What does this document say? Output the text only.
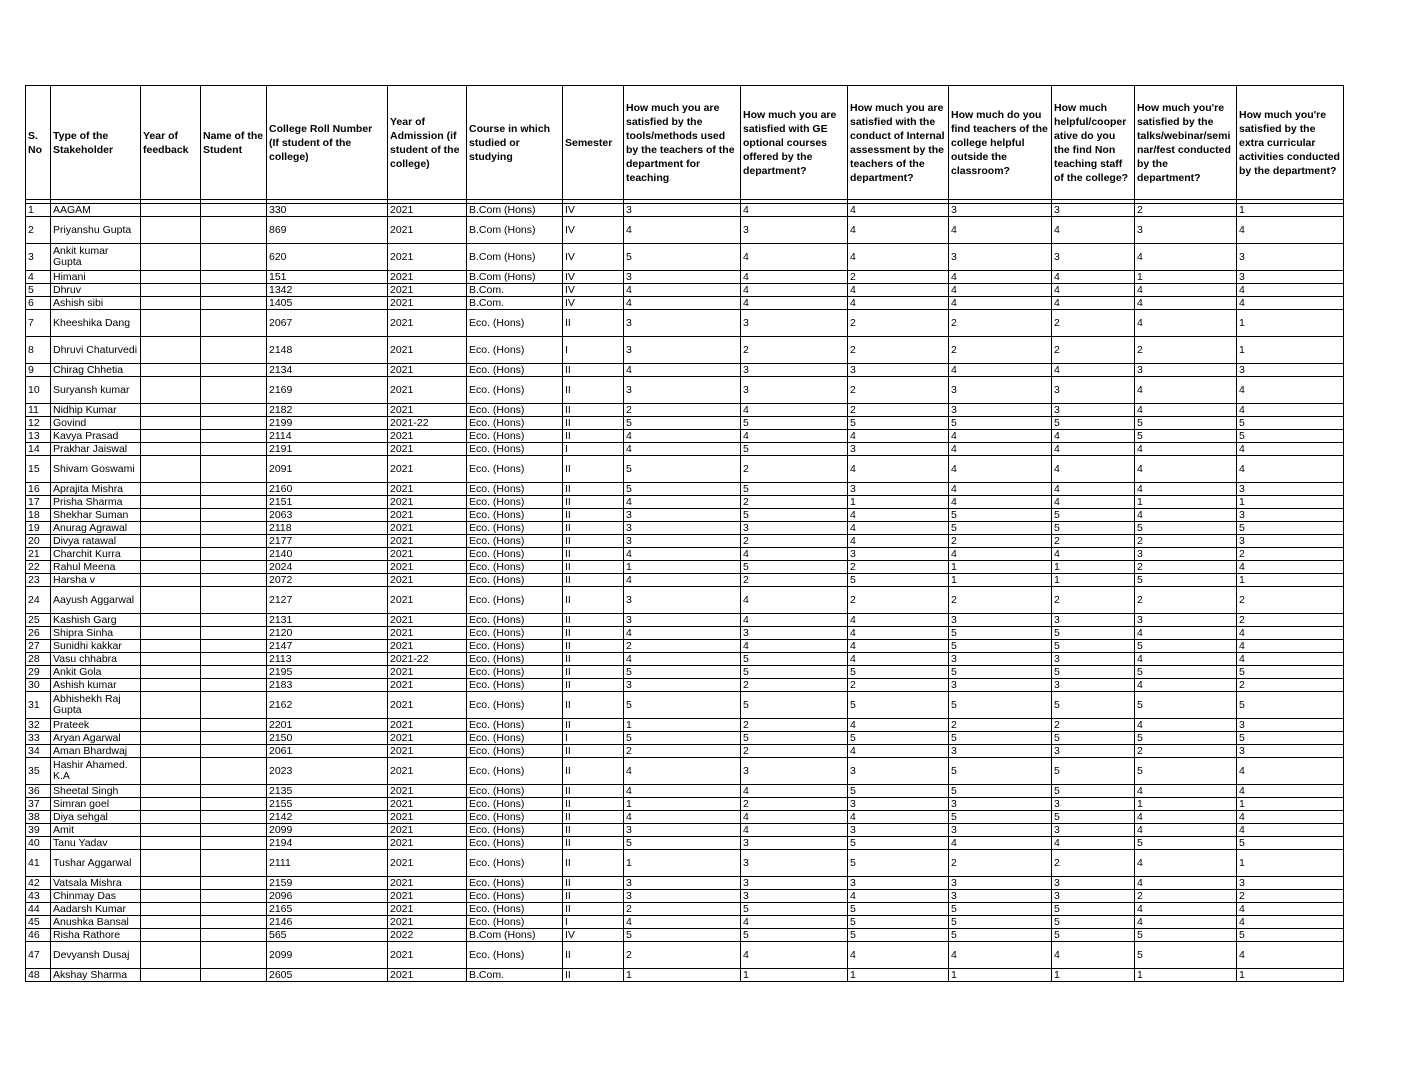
S. No	Type of the Stakeholder	Year of feedback	Name of the Student	College Roll Number (If student of the college)	Year of Admission (if student of the college)	Course in which studied or studying	Semester	How much you are satisfied by the tools/methods used by the teachers of the department for teaching	How much you are satisfied with GE optional courses offered by the department?	How much you are satisfied with the conduct of Internal assessment by the teachers of the department?	How much do you find teachers of the college helpful outside the classroom?	How much helpful/cooperative do you the find Non teaching staff of the college?	How much you're satisfied by the talks/webinar/seminar/fest conducted by the department?	How much you're satisfied by the extra curricular activities conducted by the department?

1	AAGAM			330	2021	B.Com (Hons)	IV	3	4	4	3	3	2	1
2	Priyanshu Gupta			869	2021	B.Com (Hons)	IV	4	3	4	4	4	3	4
3	Ankit kumar Gupta			620	2021	B.Com (Hons)	IV	5	4	4	3	3	4	3
4	Himani			151	2021	B.Com (Hons)	IV	3	4	2	4	4	1	3
5	Dhruv			1342	2021	B.Com.	IV	4	4	4	4	4	4	4
6	Ashish sibi			1405	2021	B.Com.	IV	4	4	4	4	4	4	4
7	Kheeshika Dang			2067	2021	Eco. (Hons)	II	3	3	2	2	2	4	1
8	Dhruvi Chaturvedi			2148	2021	Eco. (Hons)	I	3	2	2	2	2	2	1
9	Chirag Chhetia			2134	2021	Eco. (Hons)	II	4	3	3	4	4	3	3
10	Suryansh kumar			2169	2021	Eco. (Hons)	II	3	3	2	3	3	4	4
11	Nidhip Kumar			2182	2021	Eco. (Hons)	II	2	4	2	3	3	4	4
12	Govind			2199	2021-22	Eco. (Hons)	II	5	5	5	5	5	5	5
13	Kavya Prasad			2114	2021	Eco. (Hons)	II	4	4	4	4	4	5	5
14	Prakhar Jaiswal			2191	2021	Eco. (Hons)	I	4	5	3	4	4	4	4
15	Shivam Goswami			2091	2021	Eco. (Hons)	II	5	2	4	4	4	4	4
16	Aprajita Mishra			2160	2021	Eco. (Hons)	II	5	5	3	4	4	4	3
17	Prisha Sharma			2151	2021	Eco. (Hons)	II	4	2	1	4	4	1	1
18	Shekhar Suman			2063	2021	Eco. (Hons)	II	3	5	4	5	5	4	3
19	Anurag Agrawal			2118	2021	Eco. (Hons)	II	3	3	4	5	5	5	5
20	Divya ratawal			2177	2021	Eco. (Hons)	II	3	2	4	2	2	2	3
21	Charchit Kurra			2140	2021	Eco. (Hons)	II	4	4	3	4	4	3	2
22	Rahul Meena			2024	2021	Eco. (Hons)	II	1	5	2	1	1	2	4
23	Harsha v			2072	2021	Eco. (Hons)	II	4	2	5	1	1	5	1
24	Aayush Aggarwal			2127	2021	Eco. (Hons)	II	3	4	2	2	2	2	2
25	Kashish Garg			2131	2021	Eco. (Hons)	II	3	4	4	3	3	3	2
26	Shipra Sinha			2120	2021	Eco. (Hons)	II	4	3	4	5	5	4	4
27	Sunidhi kakkar			2147	2021	Eco. (Hons)	II	2	4	4	5	5	5	4
28	Vasu chhabra			2113	2021-22	Eco. (Hons)	II	4	5	4	3	3	4	4
29	Ankit Gola			2195	2021	Eco. (Hons)	II	5	5	5	5	5	5	5
30	Ashish kumar			2183	2021	Eco. (Hons)	II	3	2	2	3	3	4	2
31	Abhishekh Raj Gupta			2162	2021	Eco. (Hons)	II	5	5	5	5	5	5	5
32	Prateek			2201	2021	Eco. (Hons)	II	1	2	4	2	2	4	3
33	Aryan Agarwal			2150	2021	Eco. (Hons)	I	5	5	5	5	5	5	5
34	Aman Bhardwaj			2061	2021	Eco. (Hons)	II	2	2	4	3	3	2	3
35	Hashir Ahamed. K.A			2023	2021	Eco. (Hons)	II	4	3	3	5	5	5	4
36	Sheetal Singh			2135	2021	Eco. (Hons)	II	4	4	5	5	5	4	4
37	Simran goel			2155	2021	Eco. (Hons)	II	1	2	3	3	3	1	1
38	Diya sehgal			2142	2021	Eco. (Hons)	II	4	4	4	5	5	4	4
39	Amit			2099	2021	Eco. (Hons)	II	3	4	3	3	3	4	4
40	Tanu Yadav			2194	2021	Eco. (Hons)	II	5	3	5	4	4	5	5
41	Tushar Aggarwal			2111	2021	Eco. (Hons)	II	1	3	5	2	2	4	1
42	Vatsala Mishra			2159	2021	Eco. (Hons)	II	3	3	3	3	3	4	3
43	Chinmay Das			2096	2021	Eco. (Hons)	II	3	3	4	3	3	2	2
44	Aadarsh Kumar			2165	2021	Eco. (Hons)	II	2	5	5	5	5	4	4
45	Anushka Bansal			2146	2021	Eco. (Hons)	I	4	4	5	5	5	4	4
46	Risha Rathore			565	2022	B.Com (Hons)	IV	5	5	5	5	5	5	5
47	Devyansh Dusaj			2099	2021	Eco. (Hons)	II	2	4	4	4	4	5	4
48	Akshay Sharma			2605	2021	B.Com.	II	1	1	1	1	1	1	1
